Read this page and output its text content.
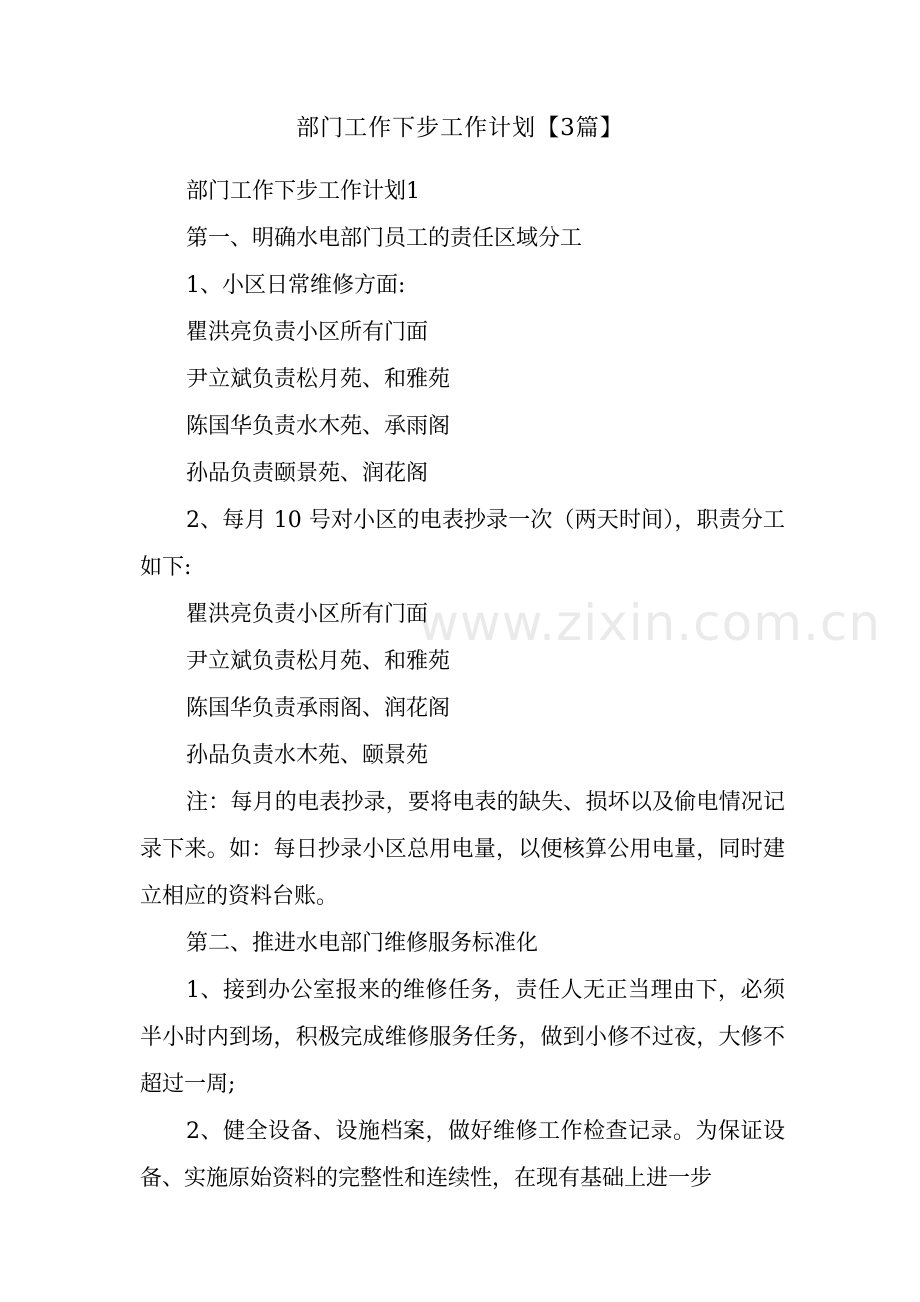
部门工作下步工作计划【3篇】

部门工作下步工作计划1

第一、明确水电部门员工的责任区域分工

1、小区日常维修方面:

瞿洪亮负责小区所有门面

尹立斌负责松月苑、和雅苑

陈国华负责水木苑、承雨阁

孙品负责颐景苑、润花阁

2、每月 10 号对小区的电表抄录一次（两天时间），职责分工如下:

瞿洪亮负责小区所有门面

尹立斌负责松月苑、和雅苑

陈国华负责承雨阁、润花阁

孙品负责水木苑、颐景苑

注：每月的电表抄录，要将电表的缺失、损坏以及偷电情况记录下来。如：每日抄录小区总用电量，以便核算公用电量，同时建立相应的资料台账。

第二、推进水电部门维修服务标准化

1、接到办公室报来的维修任务，责任人无正当理由下，必须半小时内到场，积极完成维修服务任务，做到小修不过夜，大修不超过一周;

2、健全设备、设施档案，做好维修工作检查记录。为保证设备、实施原始资料的完整性和连续性，在现有基础上进一步

www.zixin.com.cn
